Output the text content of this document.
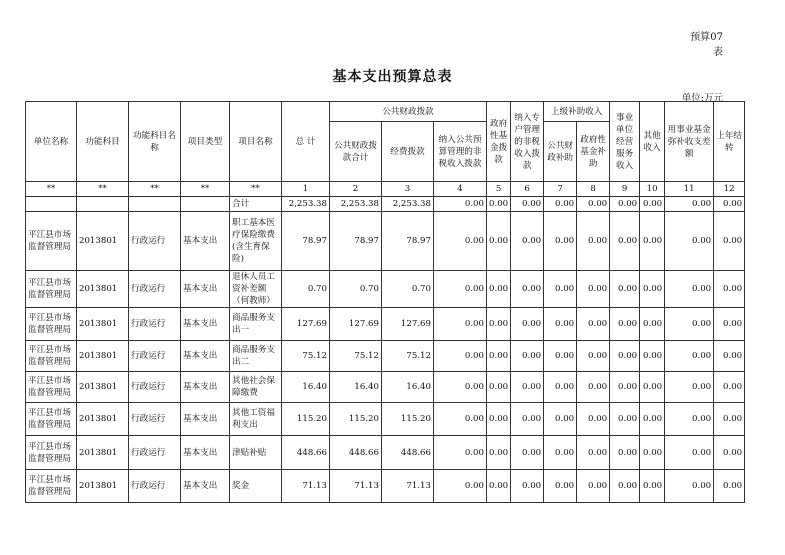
预算07
表
基本支出预算总表
单位:万元
单位名称	功能科目	功能科目名称	项目类型	项目名称	总 计	公共财政拨款			政府性基金拨款	纳入专户管理的非税收入拨款	上级补助收入		事业单位经营服务收入	其他收入	用事业基金弥补收支差额	上年结转
						公共财政拨款合计	经费拨款	纳入公共预算管理的非税收入拨款			公共财政补助	政府性基金补助				
**	**	**	**	**	1	2	3	4	5	6	7	8	9	10	11	12
				合计	2,253.38	2,253.38	2,253.38	0.00	0.00	0.00	0.00	0.00	0.00	0.00	0.00	0.00
平江县市场监督管理局	2013801	行政运行	基本支出	职工基本医疗保险缴费(含生育保险)	78.97	78.97	78.97	0.00	0.00	0.00	0.00	0.00	0.00	0.00	0.00	0.00
平江县市场监督管理局	2013801	行政运行	基本支出	退休人员工资补差额（何教师）	0.70	0.70	0.70	0.00	0.00	0.00	0.00	0.00	0.00	0.00	0.00	0.00
平江县市场监督管理局	2013801	行政运行	基本支出	商品服务支出一	127.69	127.69	127.69	0.00	0.00	0.00	0.00	0.00	0.00	0.00	0.00	0.00
平江县市场监督管理局	2013801	行政运行	基本支出	商品服务支出二	75.12	75.12	75.12	0.00	0.00	0.00	0.00	0.00	0.00	0.00	0.00	0.00
平江县市场监督管理局	2013801	行政运行	基本支出	其他社会保障缴费	16.40	16.40	16.40	0.00	0.00	0.00	0.00	0.00	0.00	0.00	0.00	0.00
平江县市场监督管理局	2013801	行政运行	基本支出	其他工资福利支出	115.20	115.20	115.20	0.00	0.00	0.00	0.00	0.00	0.00	0.00	0.00	0.00
平江县市场监督管理局	2013801	行政运行	基本支出	津贴补贴	448.66	448.66	448.66	0.00	0.00	0.00	0.00	0.00	0.00	0.00	0.00	0.00
平江县市场监督管理局	2013801	行政运行	基本支出	奖金	71.13	71.13	71.13	0.00	0.00	0.00	0.00	0.00	0.00	0.00	0.00	0.00
